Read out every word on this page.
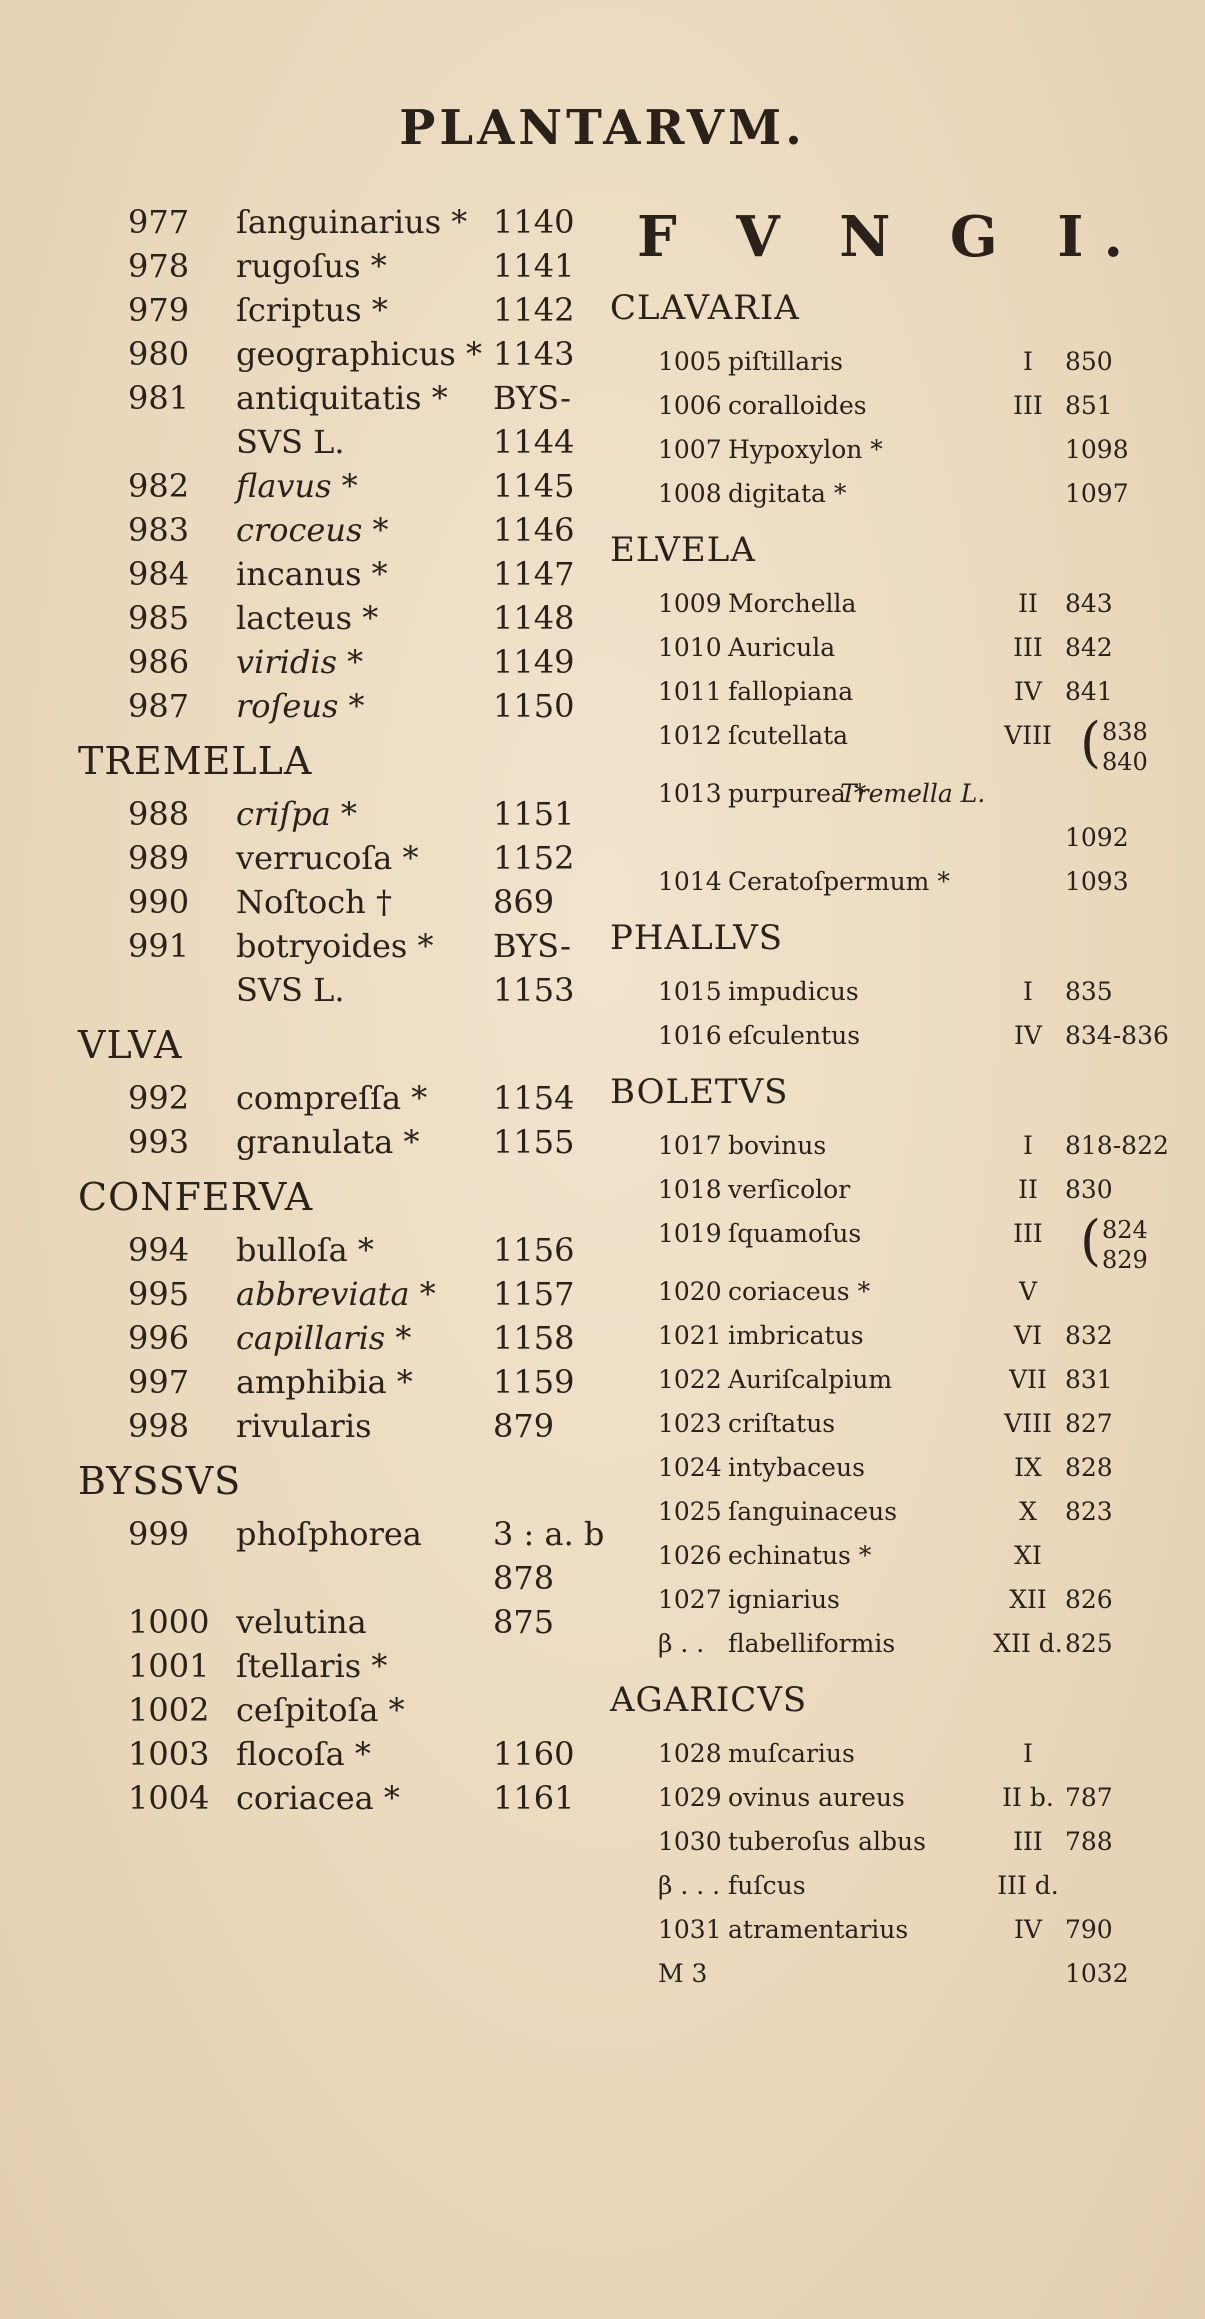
PLANTARVM.
977 ſanguinarius * 1140
978 rugoſus *	1141
979 ſcriptus *	1142
980 geographicus * 1143
981 antiquitatis * BYS-
SVS L.	1144
982 flavus *	1145
983 croceus *	1146
984 incanus *	1147
985 lacteus *	1148
986 viridis *	1149
987 roſeus *	1150
TREMELLA
988 criſpa *	1151
989 verrucoſa * 1152
990 Noſtoch †	869
991 botryoides * BYS-
SVS L.	1153
VLVA
992 compreſſa * 1154
993 granulata * 1155
CONFERVA
994 bulloſa *	1156
995 abbreviata * 1157
996 capillaris *	1158
997 amphibia *	1159
998 rivularis	879
BYSSVS
999 phoſphorea 3 : a. b
878
1000 velutina	875
1001 ſtellaris *
1002 ceſpitoſa *
1003 flocoſa *	1160
1004 coriacea *	1161
F V N G I.
CLAVARIA
1005 piſtillaris	I	850
1006 coralloides	III 851
1007 Hypoxylon *	1098
1008 digitata *	1097
ELVELA
1009 Morchella	II	843
1010 Auricula	III 842
1011 fallopiana	IV 841
1012 ſcutellata	VIII ( 838
840
1013 purpurea *
Tremella L.
1092
1014 Ceratoſpermum *	1093
PHALLVS
1015 impudicus	I	835
1016 eſculentus	IV 834-836
BOLETVS
1017 bovinus	I	818-822
1018 verſicolor	II	830
1019 ſquamoſus	III ( 824
829
1020 coriaceus *	V
1021 imbricatus	VI 832
1022 Auriſcalpium	VII 831
1023 criſtatus	VIII 827
1024 intybaceus	IX 828
1025 ſanguinaceus	X	823
1026 echinatus *	XI
1027 igniarius	XII 826
β . . flabelliformis	XII d. 825
AGARICVS
1028 muſcarius	I
1029 ovinus aureus	II b. 787
1030 tuberoſus albus	III 788
β . . . fuſcus	III d.
1031 atramentarius	IV 790
M 3	1032
